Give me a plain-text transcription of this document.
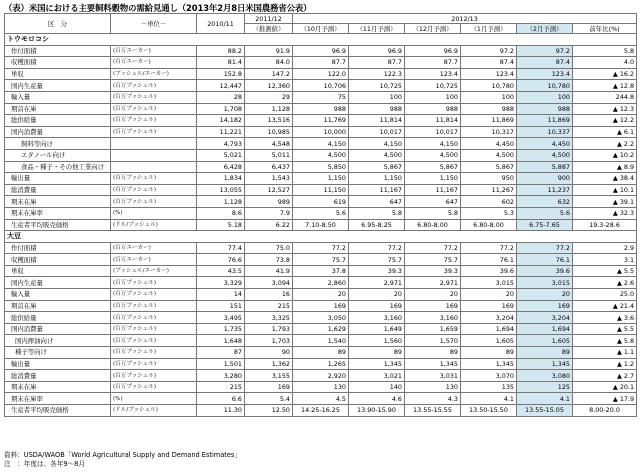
（表）米国における主要飼料穀物の需給見通し（2013年2月8日米国農務省公表）
区　分	－単位－	2010/11	2011/12	2012/13					
			（推測値）	（10月予測）	（11月予測）	（12月予測）	（1月予測）	（2月予測）	前年比(%)
トウモロコシ									
作付面積	(百万エーカー)	88.2	91.9	96.9	96.9	96.9	97.2	97.2	5.8
収穫面積	(百万エーカー)	81.4	84.0	87.7	87.7	87.7	87.4	87.4	4.0
単収	(ブッシェル/エーカー)	152.8	147.2	122.0	122.3	123.4	123.4	123.4	▲ 16.2
国内生産量	(百万ブッシェル)	12,447	12,360	10,706	10,725	10,725	10,780	10,780	▲ 12.8
輸入量	(百万ブッシェル)	28	29	75	100	100	100	100	244.8
期首在庫	(百万ブッシェル)	1,708	1,128	988	988	988	988	988	▲ 12.3
総供給量	(百万ブッシェル)	14,182	13,516	11,769	11,814	11,814	11,869	11,869	▲ 12.2
国内消費量	(百万ブッシェル)	11,221	10,985	10,000	10,017	10,017	10,317	10,337	▲ 6.1
飼料等向け		4,793	4,548	4,150	4,150	4,150	4,450	4,450	▲ 2.2
エタノール向け		5,021	5,011	4,500	4,500	4,500	4,500	4,500	▲ 10.2
食品・種子・その他工業向け		6,428	6,437	5,850	5,867	5,867	5,867	5,887	▲ 8.9
輸出量	(百万ブッシェル)	1,834	1,543	1,150	1,150	1,150	950	900	▲ 38.4
総消費量	(百万ブッシェル)	13,055	12,527	11,150	11,167	11,167	11,267	11,237	▲ 10.1
期末在庫	(百万ブッシェル)	1,128	989	619	647	647	602	632	▲ 39.1
期末在庫率	(%)	8.6	7.9	5.6	5.8	5.8	5.3	5.6	▲ 32.3
生産者平均販売価格	(ドル/ブッシェル)	5.18	6.22	7.10-8.50	6.95-8.25	6.80-8.00	6.80-8.00	6.75-7.65	19.3-28.6
大豆									
作付面積	(百万エーカー)	77.4	75.0	77.2	77.2	77.2	77.2	77.2	2.9
収穫面積	(百万エーカー)	76.6	73.8	75.7	75.7	75.7	76.1	76.1	3.1
単収	(ブッシェル/エーカー)	43.5	41.9	37.8	39.3	39.3	39.6	39.6	▲ 5.5
国内生産量	(百万ブッシェル)	3,329	3,094	2,860	2,971	2,971	3,015	3,015	▲ 2.6
輸入量	(百万ブッシェル)	14	16	20	20	20	20	20	25.0
期首在庫	(百万ブッシェル)	151	215	169	169	169	169	169	▲ 21.4
総供給量	(百万ブッシェル)	3,495	3,325	3,050	3,160	3,160	3,204	3,204	▲ 3.6
国内消費量	(百万ブッシェル)	1,735	1,793	1,629	1,649	1,659	1,694	1,694	▲ 5.5
国内搾油向け	(百万ブッシェル)	1,648	1,703	1,540	1,560	1,570	1,605	1,605	▲ 5.8
種子等向け	(百万ブッシェル)	87	90	89	89	89	89	89	▲ 1.1
輸出量	(百万ブッシェル)	1,501	1,362	1,265	1,345	1,345	1,345	1,345	▲ 1.2
総消費量	(百万ブッシェル)	3,280	3,155	2,920	3,021	3,031	3,070	3,080	▲ 2.7
期末在庫	(百万ブッシェル)	215	169	130	140	130	135	125	▲ 20.1
期末在庫率	(%)	6.6	5.4	4.5	4.6	4.3	4.1	4.1	▲ 17.9
生産者平均販売価格	(ドル/ブッシェル)	11.30	12.50	14.25-16.25	13.90-15.90	13.55-15.55	13.50-15.50	13.55-15.05	8.00-20.0
資料：USDA/WAOB「World Agricultural Supply and Demand Estimates」
注　：年度は、各年9～8月
